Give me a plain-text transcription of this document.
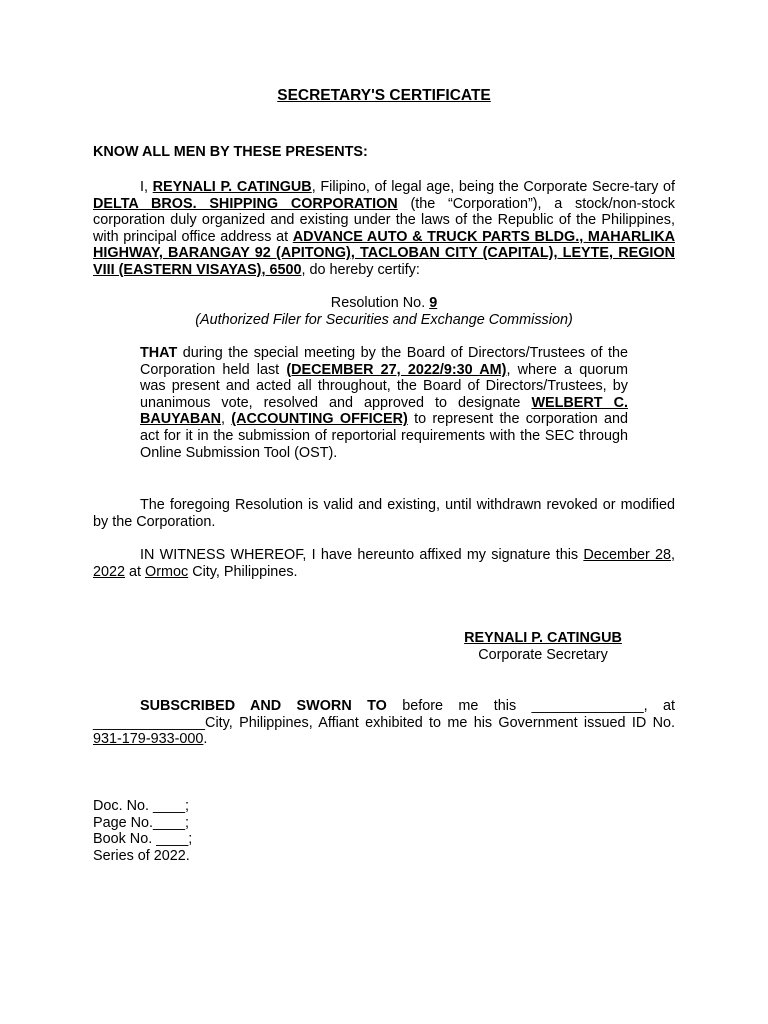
SECRETARY'S CERTIFICATE
KNOW ALL MEN BY THESE PRESENTS:
I, REYNALI P. CATINGUB, Filipino, of legal age, being the Corporate Secre-tary of DELTA BROS. SHIPPING CORPORATION (the “Corporation”), a stock/non-stock corporation duly organized and existing under the laws of the Republic of the Philippines, with principal office address at ADVANCE AUTO & TRUCK PARTS BLDG., MAHARLIKA HIGHWAY, BARANGAY 92 (APITONG), TACLOBAN CITY (CAPITAL), LEYTE, REGION VIII (EASTERN VISAYAS), 6500, do hereby certify:
Resolution No. 9
(Authorized Filer for Securities and Exchange Commission)
THAT during the special meeting by the Board of Directors/Trustees of the Corporation held last (DECEMBER 27, 2022/9:30 AM), where a quorum was present and acted all throughout, the Board of Directors/Trustees, by unanimous vote, resolved and approved to designate WELBERT C. BAUYABAN, (ACCOUNTING OFFICER) to represent the corporation and act for it in the submission of reportorial requirements with the SEC through Online Submission Tool (OST).
The foregoing Resolution is valid and existing, until withdrawn revoked or modified by the Corporation.
IN WITNESS WHEREOF, I have hereunto affixed my signature this December 28, 2022 at Ormoc City, Philippines.
REYNALI P. CATINGUB
Corporate Secretary
SUBSCRIBED AND SWORN TO before me this ______________, at ______________City, Philippines, Affiant exhibited to me his Government issued ID No. 931-179-933-000.
Doc. No. ____;
Page No.____;
Book No. ____;
Series of 2022.
